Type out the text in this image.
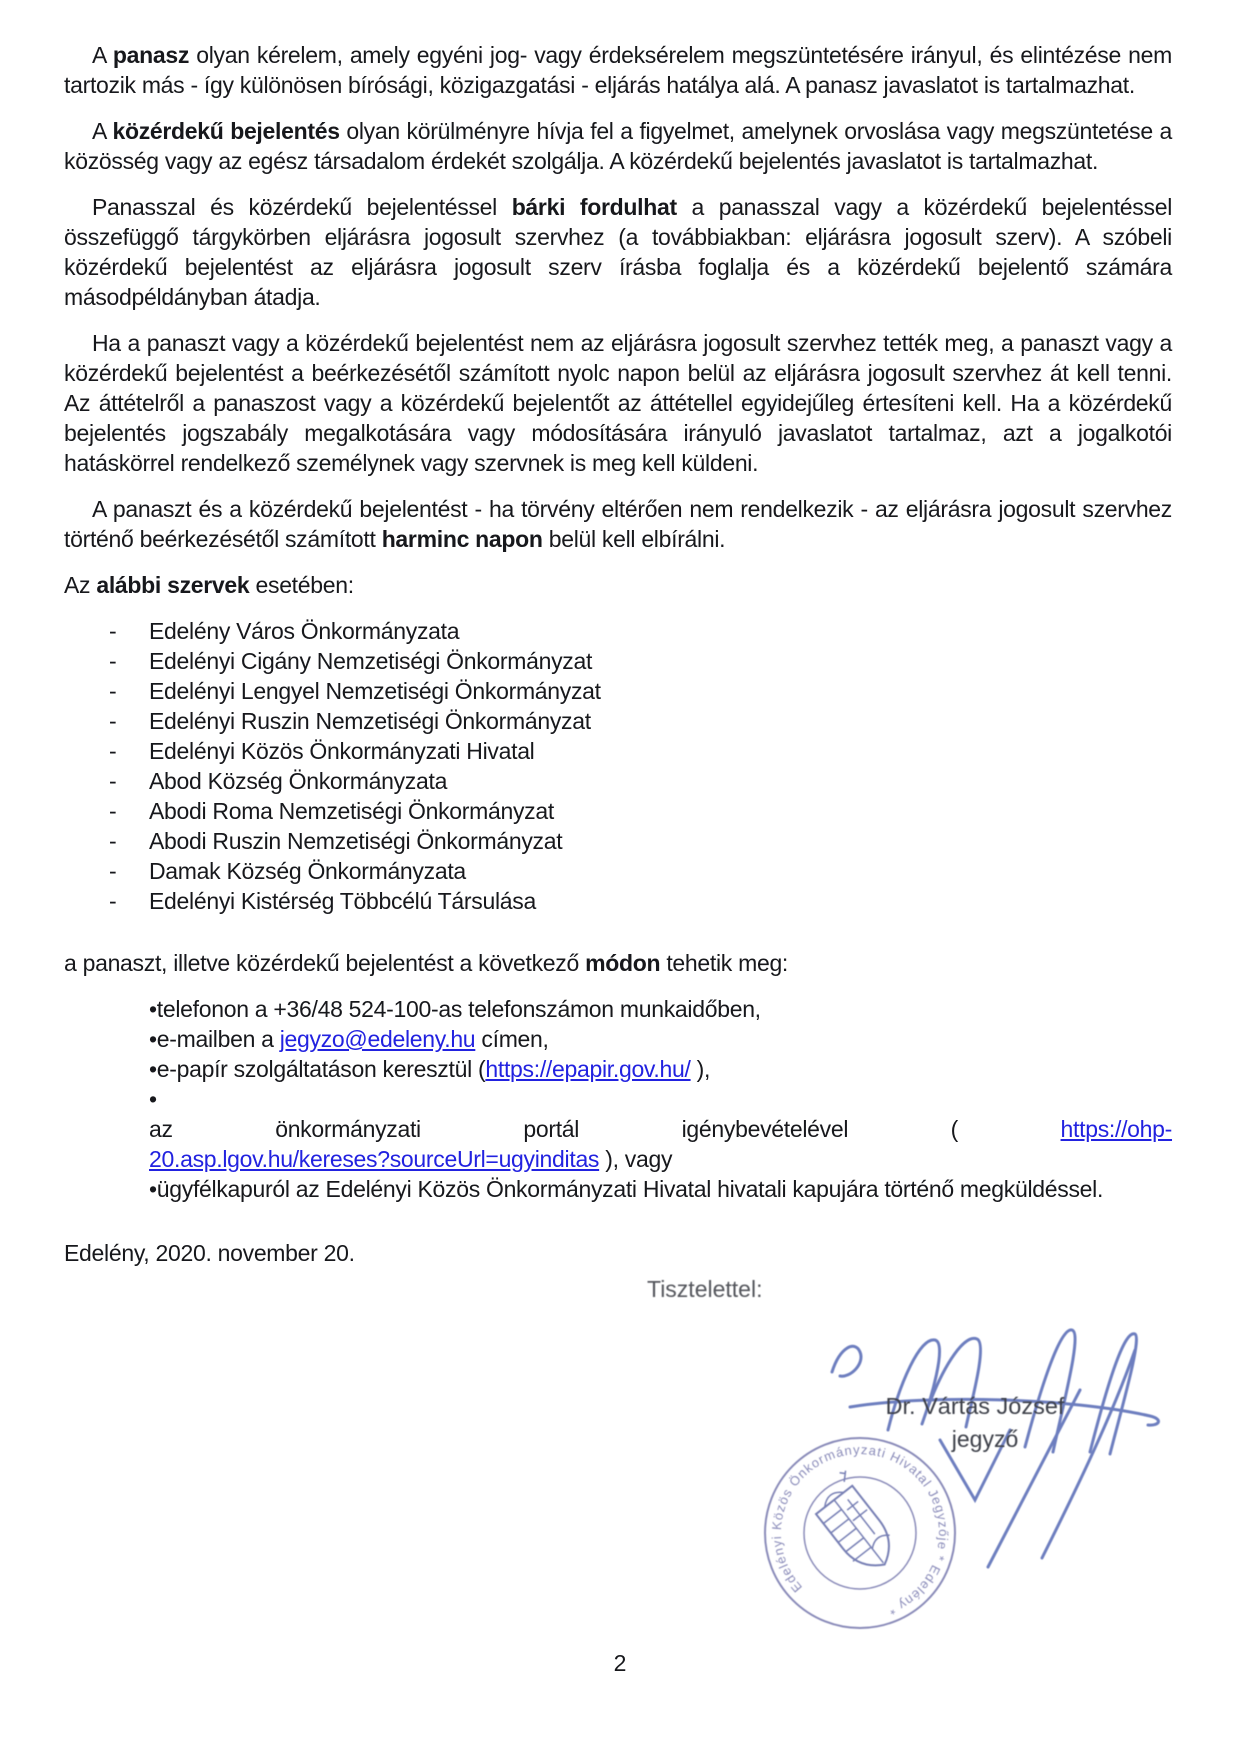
A panasz olyan kérelem, amely egyéni jog- vagy érdeksérelem megszüntetésére irányul, és elintézése nem tartozik más - így különösen bírósági, közigazgatási - eljárás hatálya alá. A panasz javaslatot is tartalmazhat.

A közérdekű bejelentés olyan körülményre hívja fel a figyelmet, amelynek orvoslása vagy megszüntetése a közösség vagy az egész társadalom érdekét szolgálja. A közérdekű bejelentés javaslatot is tartalmazhat.

Panasszal és közérdekű bejelentéssel bárki fordulhat a panasszal vagy a közérdekű bejelentéssel összefüggő tárgykörben eljárásra jogosult szervhez (a továbbiakban: eljárásra jogosult szerv). A szóbeli közérdekű bejelentést az eljárásra jogosult szerv írásba foglalja és a közérdekű bejelentő számára másodpéldányban átadja.

Ha a panaszt vagy a közérdekű bejelentést nem az eljárásra jogosult szervhez tették meg, a panaszt vagy a közérdekű bejelentést a beérkezésétől számított nyolc napon belül az eljárásra jogosult szervhez át kell tenni. Az áttételről a panaszost vagy a közérdekű bejelentőt az áttétellel egyidejűleg értesíteni kell. Ha a közérdekű bejelentés jogszabály megalkotására vagy módosítására irányuló javaslatot tartalmaz, azt a jogalkotói hatáskörrel rendelkező személynek vagy szervnek is meg kell küldeni.

A panaszt és a közérdekű bejelentést - ha törvény eltérően nem rendelkezik - az eljárásra jogosult szervhez történő beérkezésétől számított harminc napon belül kell elbírálni.

Az alábbi szervek esetében:

- Edelény Város Önkormányzata
- Edelényi Cigány Nemzetiségi Önkormányzat
- Edelényi Lengyel Nemzetiségi Önkormányzat
- Edelényi Ruszin Nemzetiségi Önkormányzat
- Edelényi Közös Önkormányzati Hivatal
- Abod Község Önkormányzata
- Abodi Roma Nemzetiségi Önkormányzat
- Abodi Ruszin Nemzetiségi Önkormányzat
- Damak Község Önkormányzata
- Edelényi Kistérség Többcélú Társulása

a panaszt, illetve közérdekű bejelentést a következő módon tehetik meg:

•telefonon a +36/48 524-100-as telefonszámon munkaidőben,
•e-mailben a jegyzo@edeleny.hu címen,
•e-papír szolgáltatáson keresztül (https://epapir.gov.hu/ ),
•
az önkormányzati portál igénybevételével (	https://ohp-
20.asp.lgov.hu/kereses?sourceUrl=ugyinditas ), vagy
•ügyfélkapuról az Edelényi Közös Önkormányzati Hivatal hivatali kapujára történő megküldéssel.
Edelény, 2020. november 20.
Tisztelettel:
Edelényi Közös Önkormányzati Hivatal Jegyzője * Edelény *
Dr. Vártás József
jegyző
2
